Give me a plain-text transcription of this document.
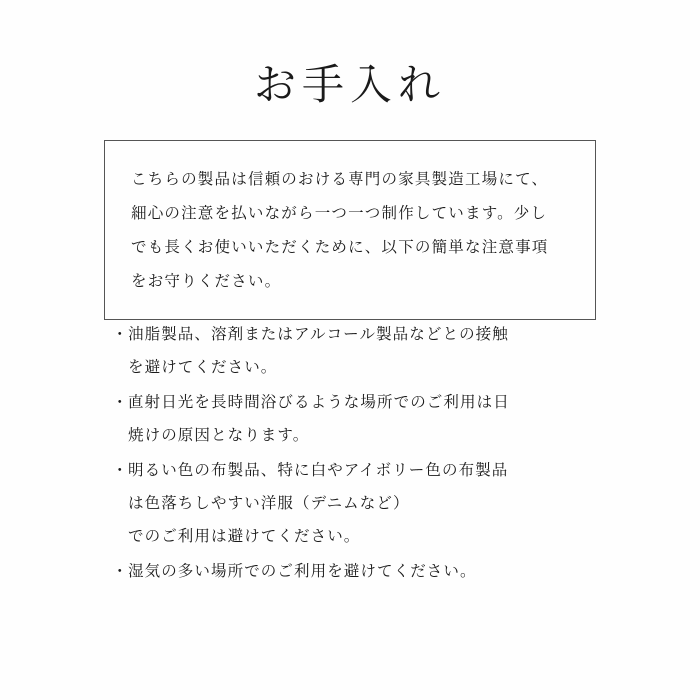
お手入れ
こちらの製品は信頼のおける専門の家具製造工場にて、
細心の注意を払いながら一つ一つ制作しています。少し
でも長くお使いいただくために、以下の簡単な注意事項
をお守りください。
・ 油脂製品、溶剤またはアルコール製品などとの接触
を避けてください。
・ 直射日光を長時間浴びるような場所でのご利用は日
焼けの原因となります。
・ 明るい色の布製品、特に白やアイボリー色の布製品
は色落ちしやすい洋服（デニムなど）
でのご利用は避けてください。
・ 湿気の多い場所でのご利用を避けてください。
